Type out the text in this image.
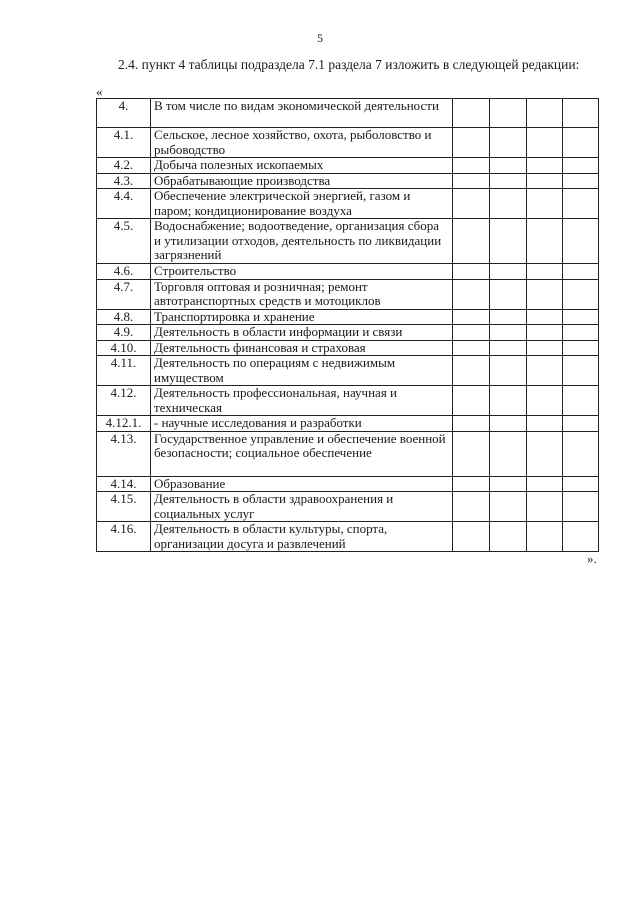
5

2.4. пункт 4 таблицы подраздела 7.1 раздела 7 изложить в следующей редакции:

«
4.	В том числе по видам экономической деятельности				
4.1.	Сельское, лесное хозяйство, охота, рыболовство и рыбоводство				
4.2.	Добыча полезных ископаемых				
4.3.	Обрабатывающие производства				
4.4.	Обеспечение электрической энергией, газом и паром; кондиционирование воздуха				
4.5.	Водоснабжение; водоотведение, организация сбора и утилизации отходов, деятельность по ликвидации загрязнений				
4.6.	Строительство				
4.7.	Торговля оптовая и розничная; ремонт автотранспортных средств и мотоциклов				
4.8.	Транспортировка и хранение				
4.9.	Деятельность в области информации и связи				
4.10.	Деятельность финансовая и страховая				
4.11.	Деятельность по операциям с недвижимым имуществом				
4.12.	Деятельность профессиональная, научная и техническая				
4.12.1.	- научные исследования и разработки				
4.13.	Государственное управление и обеспечение военной безопасности; социальное обеспечение				
4.14.	Образование				
4.15.	Деятельность в области здравоохранения и социальных услуг				
4.16.	Деятельность в области культуры, спорта, организации досуга и развлечений				
».
